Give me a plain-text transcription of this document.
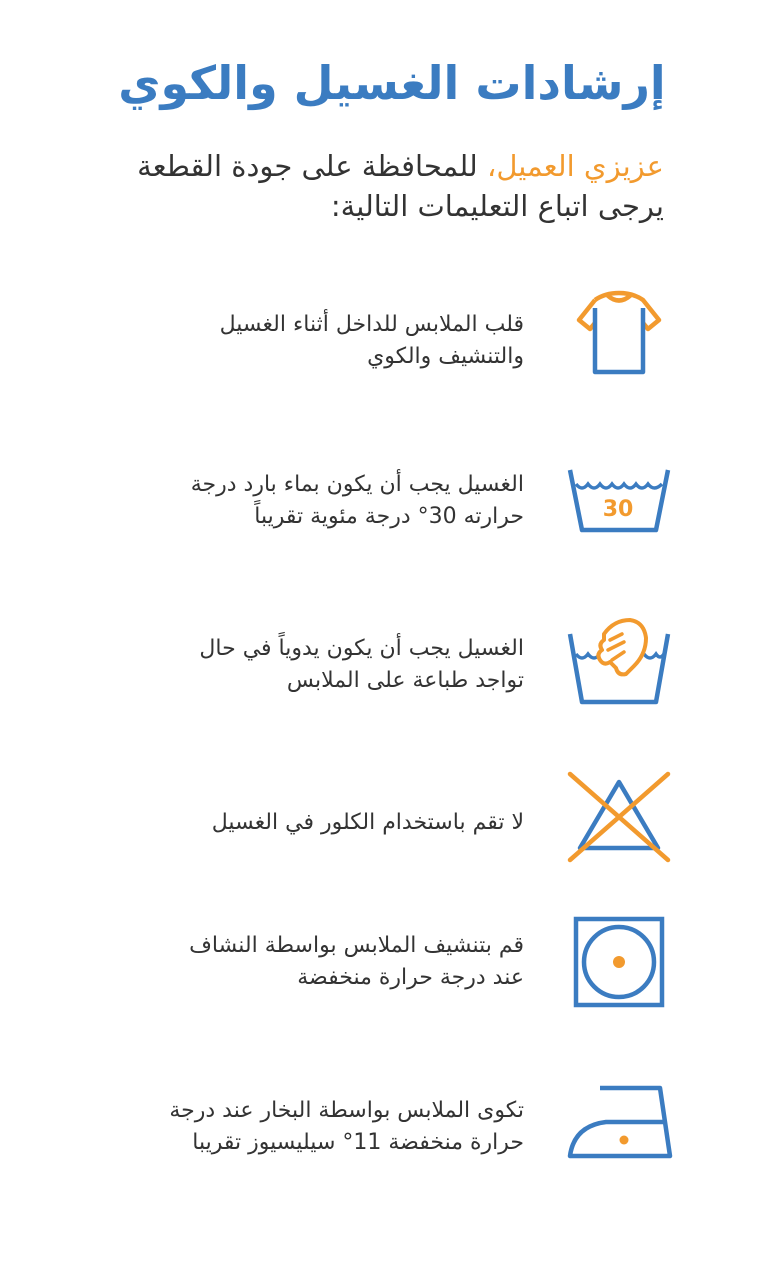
إرشادات الغسيل والكوي
عزيزي العميل، للمحافظة على جودة القطعة
يرجى اتباع التعليمات التالية:
قلب الملابس للداخل أثناء الغسيل
والتنشيف والكوي
30
الغسيل يجب أن يكون بماء بارد درجة
حرارته 30° درجة مئوية تقريباً
الغسيل يجب أن يكون يدوياً في حال
تواجد طباعة على الملابس
لا تقم باستخدام الكلور في الغسيل
قم بتنشيف الملابس بواسطة النشاف
عند درجة حرارة منخفضة
تكوى الملابس بواسطة البخار عند درجة
حرارة منخفضة 11° سيليسيوز تقريبا
